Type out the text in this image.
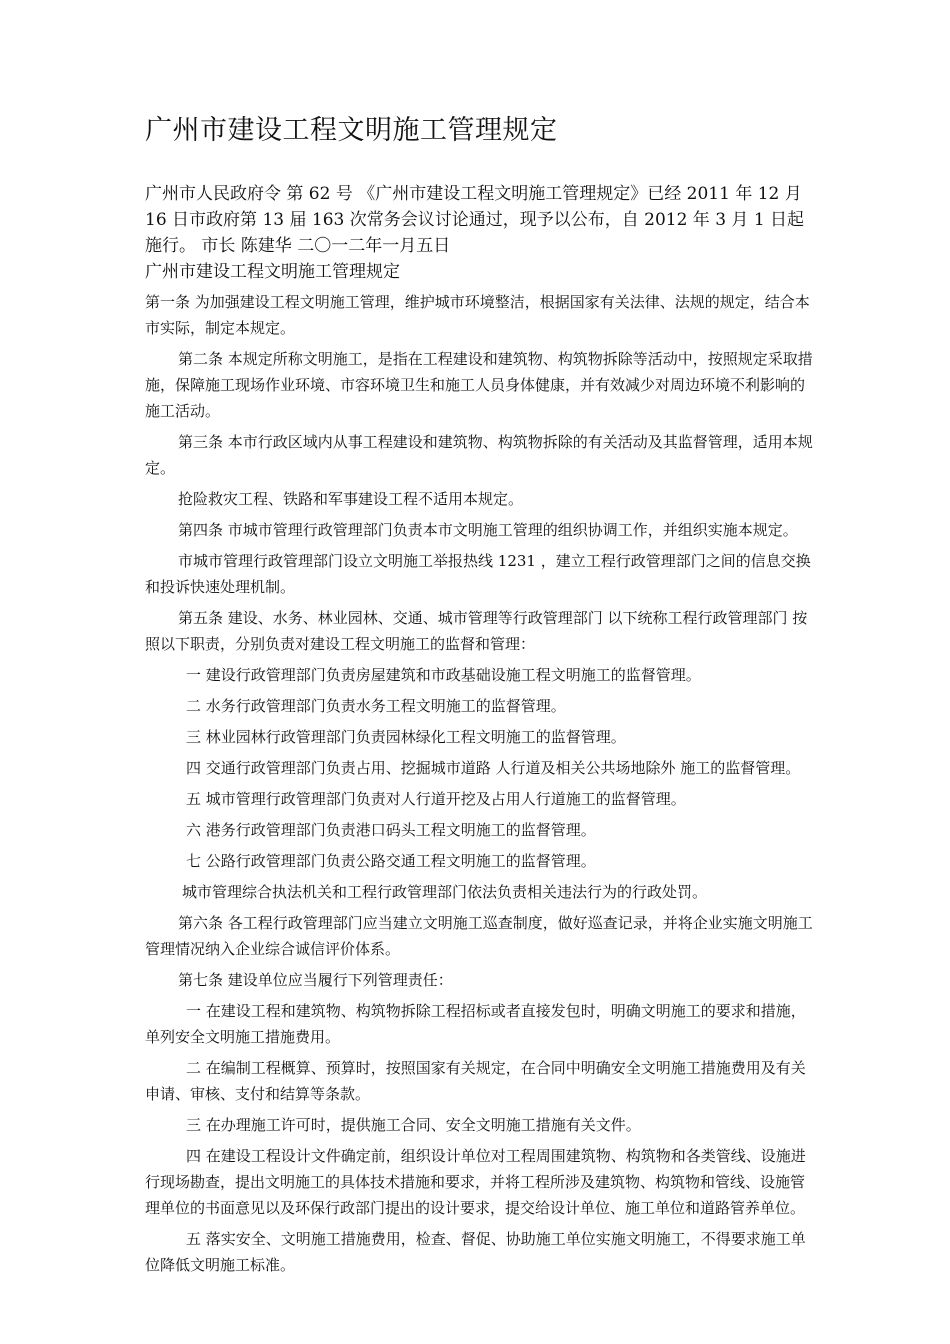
广州市建设工程文明施工管理规定

广州市人民政府令 第 62 号 《广州市建设工程文明施工管理规定》已经 2011 年 12 月 16 日市政府第 13 届 163 次常务会议讨论通过，现予以公布，自 2012 年 3 月 1 日起施行。 市长 陈建华 二〇一二年一月五日

广州市建设工程文明施工管理规定

第一条 为加强建设工程文明施工管理，维护城市环境整洁，根据国家有关法律、法规的规定，结合本市实际，制定本规定。

第二条 本规定所称文明施工，是指在工程建设和建筑物、构筑物拆除等活动中，按照规定采取措施，保障施工现场作业环境、市容环境卫生和施工人员身体健康，并有效减少对周边环境不利影响的施工活动。

第三条 本市行政区域内从事工程建设和建筑物、构筑物拆除的有关活动及其监督管理，适用本规定。

抢险救灾工程、铁路和军事建设工程不适用本规定。

第四条 市城市管理行政管理部门负责本市文明施工管理的组织协调工作，并组织实施本规定。

市城市管理行政管理部门设立文明施工举报热线 1231 ，建立工程行政管理部门之间的信息交换和投诉快速处理机制。

第五条 建设、水务、林业园林、交通、城市管理等行政管理部门 以下统称工程行政管理部门 按照以下职责，分别负责对建设工程文明施工的监督和管理：

一 建设行政管理部门负责房屋建筑和市政基础设施工程文明施工的监督管理。

二 水务行政管理部门负责水务工程文明施工的监督管理。

三 林业园林行政管理部门负责园林绿化工程文明施工的监督管理。

四 交通行政管理部门负责占用、挖掘城市道路 人行道及相关公共场地除外 施工的监督管理。

五 城市管理行政管理部门负责对人行道开挖及占用人行道施工的监督管理。

六 港务行政管理部门负责港口码头工程文明施工的监督管理。

七 公路行政管理部门负责公路交通工程文明施工的监督管理。

城市管理综合执法机关和工程行政管理部门依法负责相关违法行为的行政处罚。

第六条 各工程行政管理部门应当建立文明施工巡查制度，做好巡查记录，并将企业实施文明施工管理情况纳入企业综合诚信评价体系。

第七条 建设单位应当履行下列管理责任：

一 在建设工程和建筑物、构筑物拆除工程招标或者直接发包时，明确文明施工的要求和措施，单列安全文明施工措施费用。

二 在编制工程概算、预算时，按照国家有关规定，在合同中明确安全文明施工措施费用及有关申请、审核、支付和结算等条款。

三 在办理施工许可时，提供施工合同、安全文明施工措施有关文件。

四 在建设工程设计文件确定前，组织设计单位对工程周围建筑物、构筑物和各类管线、设施进行现场勘查，提出文明施工的具体技术措施和要求，并将工程所涉及建筑物、构筑物和管线、设施管理单位的书面意见以及环保行政部门提出的设计要求，提交给设计单位、施工单位和道路管养单位。

五 落实安全、文明施工措施费用，检查、督促、协助施工单位实施文明施工，不得要求施工单位降低文明施工标准。
